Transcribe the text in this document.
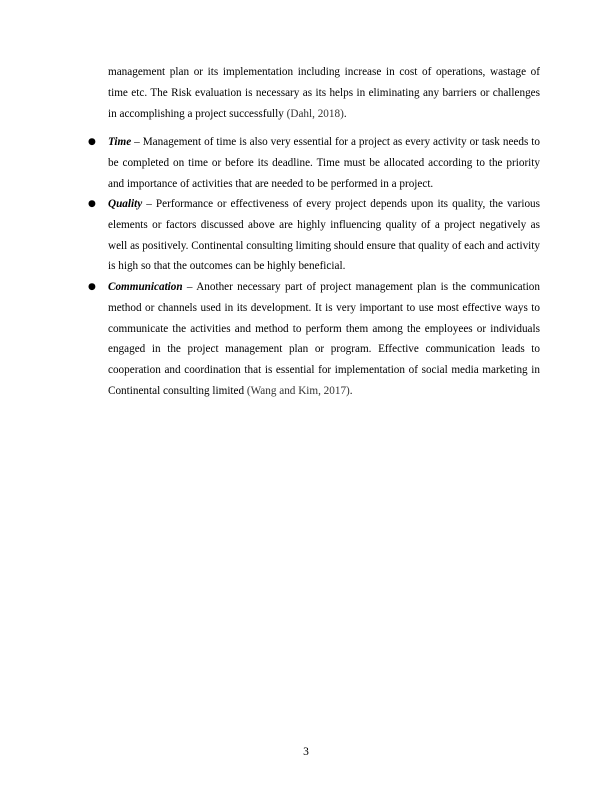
management plan or its implementation including increase in cost of operations, wastage of time etc. The Risk evaluation is necessary as its helps in eliminating any barriers or challenges in accomplishing a project successfully (Dahl, 2018).

● Time – Management of time is also very essential for a project as every activity or task needs to be completed on time or before its deadline. Time must be allocated according to the priority and importance of activities that are needed to be performed in a project.

● Quality – Performance or effectiveness of every project depends upon its quality, the various elements or factors discussed above are highly influencing quality of a project negatively as well as positively. Continental consulting limiting should ensure that quality of each and activity is high so that the outcomes can be highly beneficial.

● Communication – Another necessary part of project management plan is the communication method or channels used in its development. It is very important to use most effective ways to communicate the activities and method to perform them among the employees or individuals engaged in the project management plan or program. Effective communication leads to cooperation and coordination that is essential for implementation of social media marketing in Continental consulting limited (Wang and Kim, 2017).

3
